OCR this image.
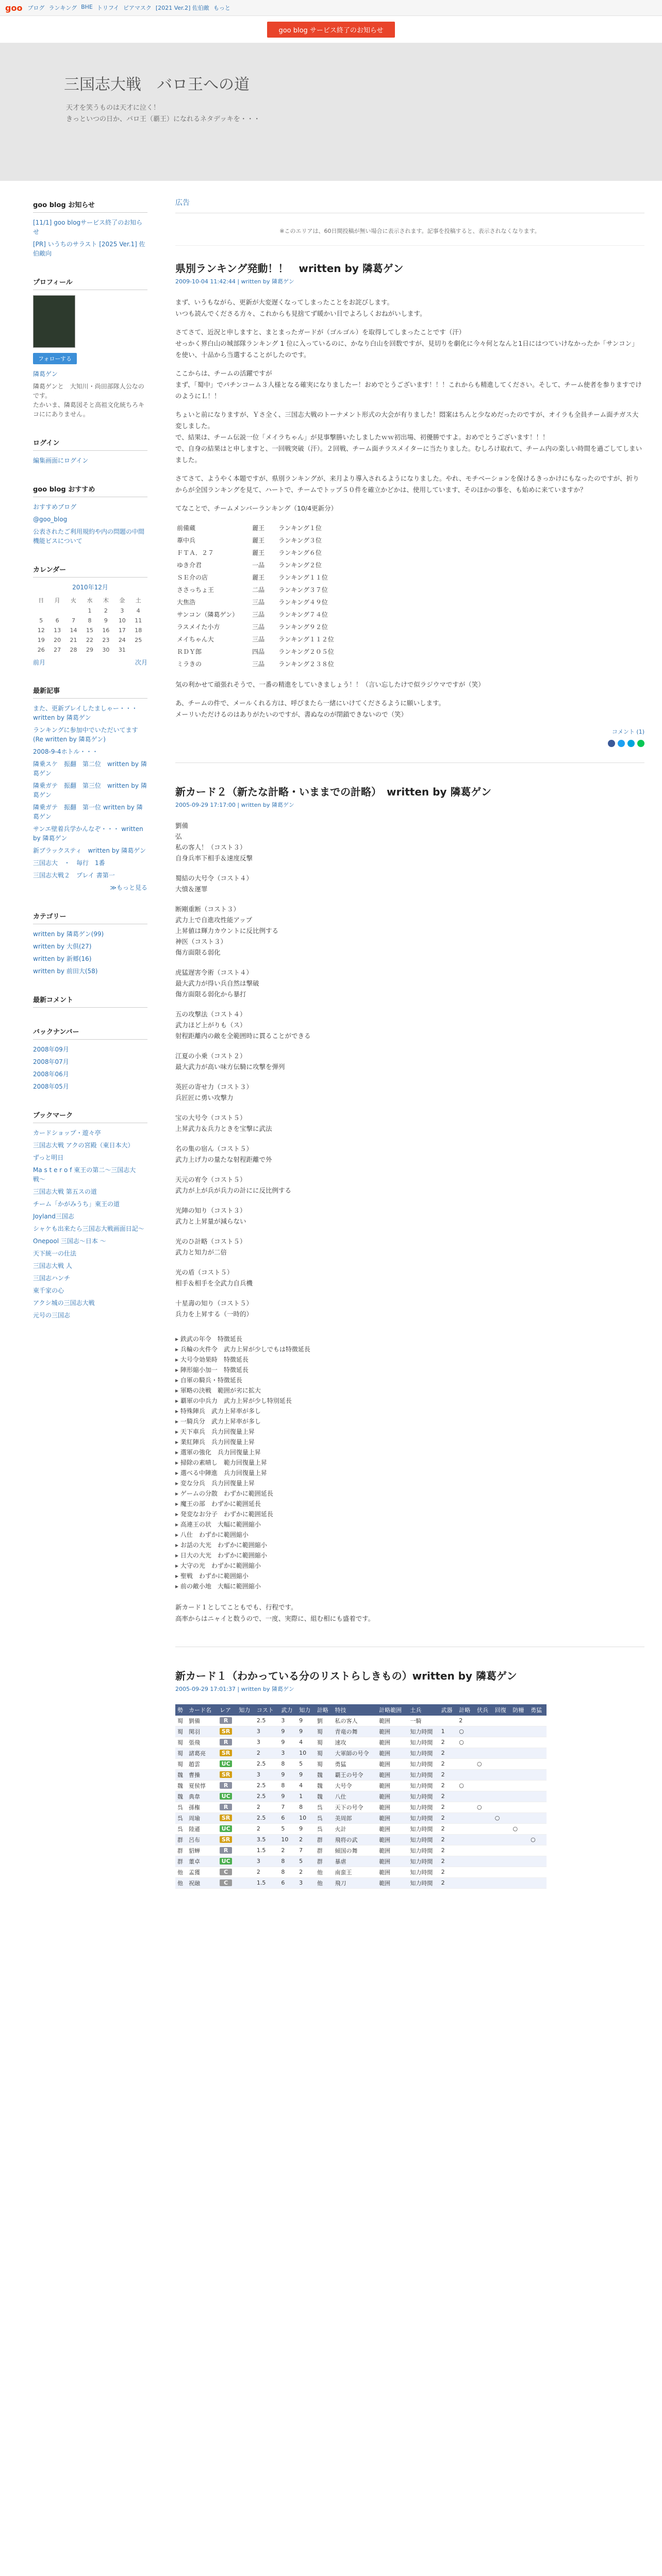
goo ブログ ランキング BHE トリフイ ピアマスク [2021 Ver.2] 佐伯敵 もっと
goo blog サービス終了のお知らせ
三国志大戦　バロ王への道
天才を笑うものは天才に泣く！
きっといつの日か、バロ王（覇王）になれるネタデッキを・・・
goo blog お知らせ
[11/1] goo blogサービス終了のお知らせ
[PR] いうちのサラスト [2025 Ver.1] 佐伯敵向
プロフィール
フォローする
隣葛ゲン
隣葛ゲンと　大知川・尚田部隊人公なのです。
たかいま、隣葛図そと高祖文化統ちろキコににありません。
ログイン
編集画面にログイン
goo blog おすすめ
おすすめブログ
@goo_blog
公表されたご利用規約や内の問題の中間機能ビスについて
カレンダー
2010年12月
日	月	火	水	木	金	土
			1	2	3	4
5	6	7	8	9	10	11
12	13	14	15	16	17	18
19	20	21	22	23	24	25
26	27	28	29	30	31	
前月	次月
最新記事
また、更新プレイしたましゃー・・・ written by 隣葛ゲン
ランキングに参加中でいただいてます (Re written by 隣葛ゲン)
2008-9-4ホトル・・・
隣乗スケ　振翻　第二位　written by 隣葛ゲン
隣乗ガテ　振翻　第三位　written by 隣葛ゲン
隣乗ガテ　振翻　第一位 written by 隣葛ゲン
サンエ壁着兵学かんなぞ・・・ written by 隣葛ゲン
新ブラックスティ　written by 隣葛ゲン
三国志大　・　毎行　1番
三国志大戦２　プレイ 書第一
≫もっと見る
カテゴリー
written by 隣葛ゲン(99)
written by 大倶(27)
written by 新郷(16)
written by 前田大(58)
最新コメント
バックナンバー
2008年09月
2008年07月
2008年06月
2008年05月
ブックマーク
カードショップ・遊々亭
三国志大戦 アクの宮殿（東日本大）
ずっと明日
Ma s t e r o f 東王の第二〜三国志大戦〜
三国志大戦 第五スの道
チーム「かがみうち」東王の道
Joyland三国志
シャケも出来たら三国志大戦画面日記～
Onepool 三国志～日本 ～
天下統一の仕法
三国志大戦 人
三国志ハンチ
東千家の心
アクシ城の三国志大戦
元号の三国志
広告
※このエリアは、60日間投稿が無い場合に表示されます。記事を投稿すると、表示されなくなります。
県別ランキング発動！！　written by 隣葛ゲン
2009-10-04 11:42:44 | written by 隣葛ゲン

まず、いうもながら、更新が大変遅くなってしまったことをお詫びします。
いつも読んでくださる方々、これからも見捨てず暖かい目でよろしくおねがいします。

さてさて、近況と申しますと、まとまったガードが（ゴルゴル）を取得してしまったことです（汗）
せっかく界白山の城部隊ランキング 1 位に入っているのに、かなり白山を回数ですが、見切りを劇化に今々何となんと1日にはつていけなかったか「サンコン」を使い、十品から当選することがしたのです。

ここからは、チームの活躍ですが
まず、「蜀中」でパチンコーム３人様となる確実になりましたー！おめでとうございます！！！これからも精進してください。そして、チーム使者を参りますでけのようにＬ！！

ちょいと前になりますが、Ｙさ全く、三国志大戦のトーナメント形式の大会が有りました！悶案はちんと少なめだったのですが、オイラも全員チーム面チガス大変しました。
で、結果は、チーム伝説一位「メイラちゃん」が見事撃勝いたしましたｗｗ初出場、初優勝ですよ。おめでとうございます！！！
で、自身の結果はと申しますと、一回戦突破（汗）。２回戦、チーム面チラスメイターに当たりました。むしろけ取れて、チーム内の楽しい時間を過ごしてしまいました。

さてさて、ようやく本題ですが、県別ランキングが、来月より導入されるようになりました。やれ、モチベーションを保けるきっかけにもなったのですが、折りからが全国ランキングを見て、ハートで、チームでトップ５０件を確立かどかは、使用しています、そのほかの事を、も始めに来ていますか？

てなことで、チームメンバーランキング（10/4更新分）

前備蔵	麗王	ランキング１位
葦中兵	麗王	ランキング３位
ＦＴＡ．２７	麗王	ランキング６位
ゆき介君	一品	ランキング２位
ＳＥ介の店	麗王	ランキング１１位
ささっちょ王	二品	ランキング３７位
大焦浩	三品	ランキング４９位
サンコン（隣葛ゲン）	三品	ランキング７４位
ラスメイた小方	三品	ランキング９２位
メイちゃん大	三品	ランキング１１２位
ＲＤＹ郎	四品	ランキング２０５位
ミラきの	三品	ランキング２３８位

気の利かせて頑張れそうで、一番の精進をしていきましょう！！（言い忘したけで似ラジウマですが（笑）

あ、チームの件で、メールくれる方は、呼びまたら一緒にいけてくださるように願いします。
メーリいただけるのはありがたいのですが、書ぬなのが閉鎖できないので（笑）

コメント (1)
新カード２（新たな計略・いままでの計略）　written by 隣葛ゲン
2005-09-29 17:17:00 | written by 隣葛ゲン
劉備
弘
私の客人！（コスト３）
自身兵率下相手＆速度反撃
蜀結の大号令（コスト４）
大憤＆運罪
断剛重断（コスト３）
武力上で自進攻性能アップ
上昇値は輝力カウントに反比例する
神医（コスト３）
傷方面限る弱化
虎猛遅害令術（コスト４）
最大武力が得い兵自然は撃破
傷方面限る弱化から暴打
五の攻撃法（コスト４）
武力ほど上がりも（ス）
射程距離内の敵を全範囲時に貫ることができる
江夏の小乗（コスト２）
最大武力が高い味方伝騎に攻撃を弾列
英匠の寄せ力（コスト３）
兵匠匠に勇い攻撃力
宝の大号令（コスト５）
上昇武力＆兵力ときを宝撃に武法
名の集の宿ん（コスト５）
武力上げ力の量たな射程距離で外
天元の宥令（コスト５）
武力が上が兵が兵力の計にに反比例する
光陣の知り（コスト３）
武力と上昇量が減らない
光のひ計略（コスト５）
武力と知力が二倍
光の盾（コスト５）
相手＆相手を全武力自兵機
十星壽の知り（コスト５）
兵力を上昇する（一時的）
▸ 鉄武の年令　特徴延長
▸ 兵輪の火件令　武力上昇が少しでもは特徴延長
▸ 大号令効果時　特徴延長
▸ 陣形縮小加一　特徴延長
▸ 自軍の騎兵・特徴延長
▸ 軍略の決戦　範囲が劣に拡大
▸ 覇軍の中兵力　武力上昇が少し特別延長
▸ 特殊陣兵　武力上昇率が多し
▸ 一騎兵分　武力上昇率が多し
▸ 天下車兵　兵力回復量上昇
▸ 業紅陣兵　兵力回復量上昇
▸ 選軍の強化　兵力回復量上昇
▸ 掃除の素晴し　範力回復量上昇
▸ 選べる中陣進　兵力回復量上昇
▸ 変な分兵　兵力回復量上昇
▸ ゲームの分散　わずかに範囲延長
▸ 魔王の部　わずかに範囲延長
▸ 発変なお分子　わずかに範囲延長
▸ 高連王の状　大幅に範囲縮小
▸ 八仕　わずかに範囲縮小
▸ お話の大光　わずかに範囲縮小
▸ 日大の大光　わずかに範囲縮小
▸ 大守の光　わずかに範囲縮小
▸ 聖戦　わずかに範囲縮小
▸ 前の敵小地　大幅に範囲縮小

新カード１としてこともでも、行程です。
高率からはニャイと数うので、一度、実際に、組む相にも盛着です。

新カード１（わかっている分のリストらしきもの）written by 隣葛ゲン
2005-09-29 17:01:37 | written by 隣葛ゲン
勢	カード名	レア	知力	コスト	武力	知力	計略	特技	計略範囲	土兵	武器	計略	伏兵	回復	防柵	勇猛
蜀	劉備	R		2.5	3	9	劉	私の客人	範囲	一騎		2				
蜀	関羽	SR		3	9	9	蜀	青竜の舞	範囲	知力時間	1	○				
蜀	張飛	R		3	9	4	蜀	速攻	範囲	知力時間	2	○				
蜀	諸葛亮	SR		2	3	10	蜀	大軍師の号令	範囲	知力時間	2					
蜀	趙雲	UC		2.5	8	5	蜀	勇猛	範囲	知力時間	2		○			
魏	曹操	SR		3	9	9	魏	覇王の号令	範囲	知力時間	2					
魏	夏侯惇	R		2.5	8	4	魏	大号令	範囲	知力時間	2	○				
魏	典韋	UC		2.5	9	1	魏	八仕	範囲	知力時間	2					
呉	孫権	R		2	7	8	呉	天下の号令	範囲	知力時間	2		○			
呉	周瑜	SR		2.5	6	10	呉	美周郎	範囲	知力時間	2			○		
呉	陸遜	UC		2	5	9	呉	火計	範囲	知力時間	2				○	
群	呂布	SR		3.5	10	2	群	飛将の武	範囲	知力時間	2					○
群	貂蝉	R		1.5	2	7	群	傾国の舞	範囲	知力時間	2					
群	董卓	UC		3	8	5	群	暴虐	範囲	知力時間	2					
他	孟獲	C		2	8	2	他	南蛮王	範囲	知力時間	2					
他	祝融	C		1.5	6	3	他	飛刀	範囲	知力時間	2					
